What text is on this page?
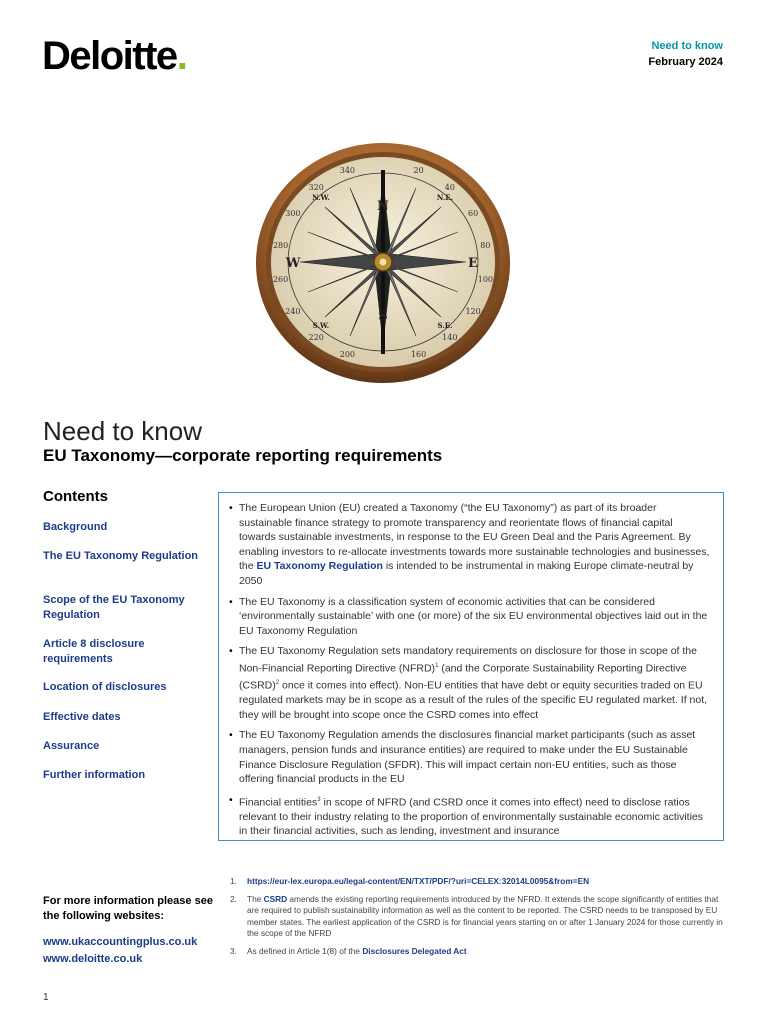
Deloitte.	Need to know
February 2024
N
S
E
W
N.W.	N.E.
S.W.	S.E.
340	20
40
60
80
100
120
140
160
200
220
240
260
280
300
320
Need to know
EU Taxonomy—corporate reporting requirements
Contents
Background
The EU Taxonomy Regulation
Scope of the EU Taxonomy Regulation
Article 8 disclosure requirements
Location of disclosures
Effective dates
Assurance
Further information
• The European Union (EU) created a Taxonomy (“the EU Taxonomy”) as part of its broader sustainable finance strategy to promote transparency and reorientate flows of financial capital towards sustainable investments, in response to the EU Green Deal and the Paris Agreement. By enabling investors to re-allocate investments towards more sustainable technologies and businesses, the EU Taxonomy Regulation is intended to be instrumental in making Europe climate-neutral by 2050
• The EU Taxonomy is a classification system of economic activities that can be considered ‘environmentally sustainable’ with one (or more) of the six EU environmental objectives laid out in the EU Taxonomy Regulation
• The EU Taxonomy Regulation sets mandatory requirements on disclosure for those in scope of the Non-Financial Reporting Directive (NFRD)$^1$ (and the Corporate Sustainability Reporting Directive (CSRD)$^2$ once it comes into effect). Non-EU entities that have debt or equity securities traded on EU regulated markets may be in scope as a result of the rules of the specific EU regulated market. If not, they will be brought into scope once the CSRD comes into effect
• The EU Taxonomy Regulation amends the disclosures financial market participants (such as asset managers, pension funds and insurance entities) are required to make under the EU Sustainable Finance Disclosure Regulation (SFDR). This will impact certain non-EU entities, such as those offering financial products in the EU
• Financial entities$^3$ in scope of NFRD (and CSRD once it comes into effect) need to disclose ratios relevant to their industry relating to the proportion of environmentally sustainable economic activities in their financial activities, such as lending, investment and insurance
For more information please see the following websites:
www.ukaccountingplus.co.uk
www.deloitte.co.uk
1. https://eur-lex.europa.eu/legal-content/EN/TXT/PDF/?uri=CELEX:32014L0095&from=EN
2. The CSRD amends the existing reporting requirements introduced by the NFRD. It extends the scope significantly of entities that are required to publish sustainability information as well as the content to be reported. The CSRD needs to be transposed by EU member states. The earliest application of the CSRD is for financial years starting on or after 1 January 2024 for those currently in the scope of the NFRD
3. As defined in Article 1(8) of the Disclosures Delegated Act
1
